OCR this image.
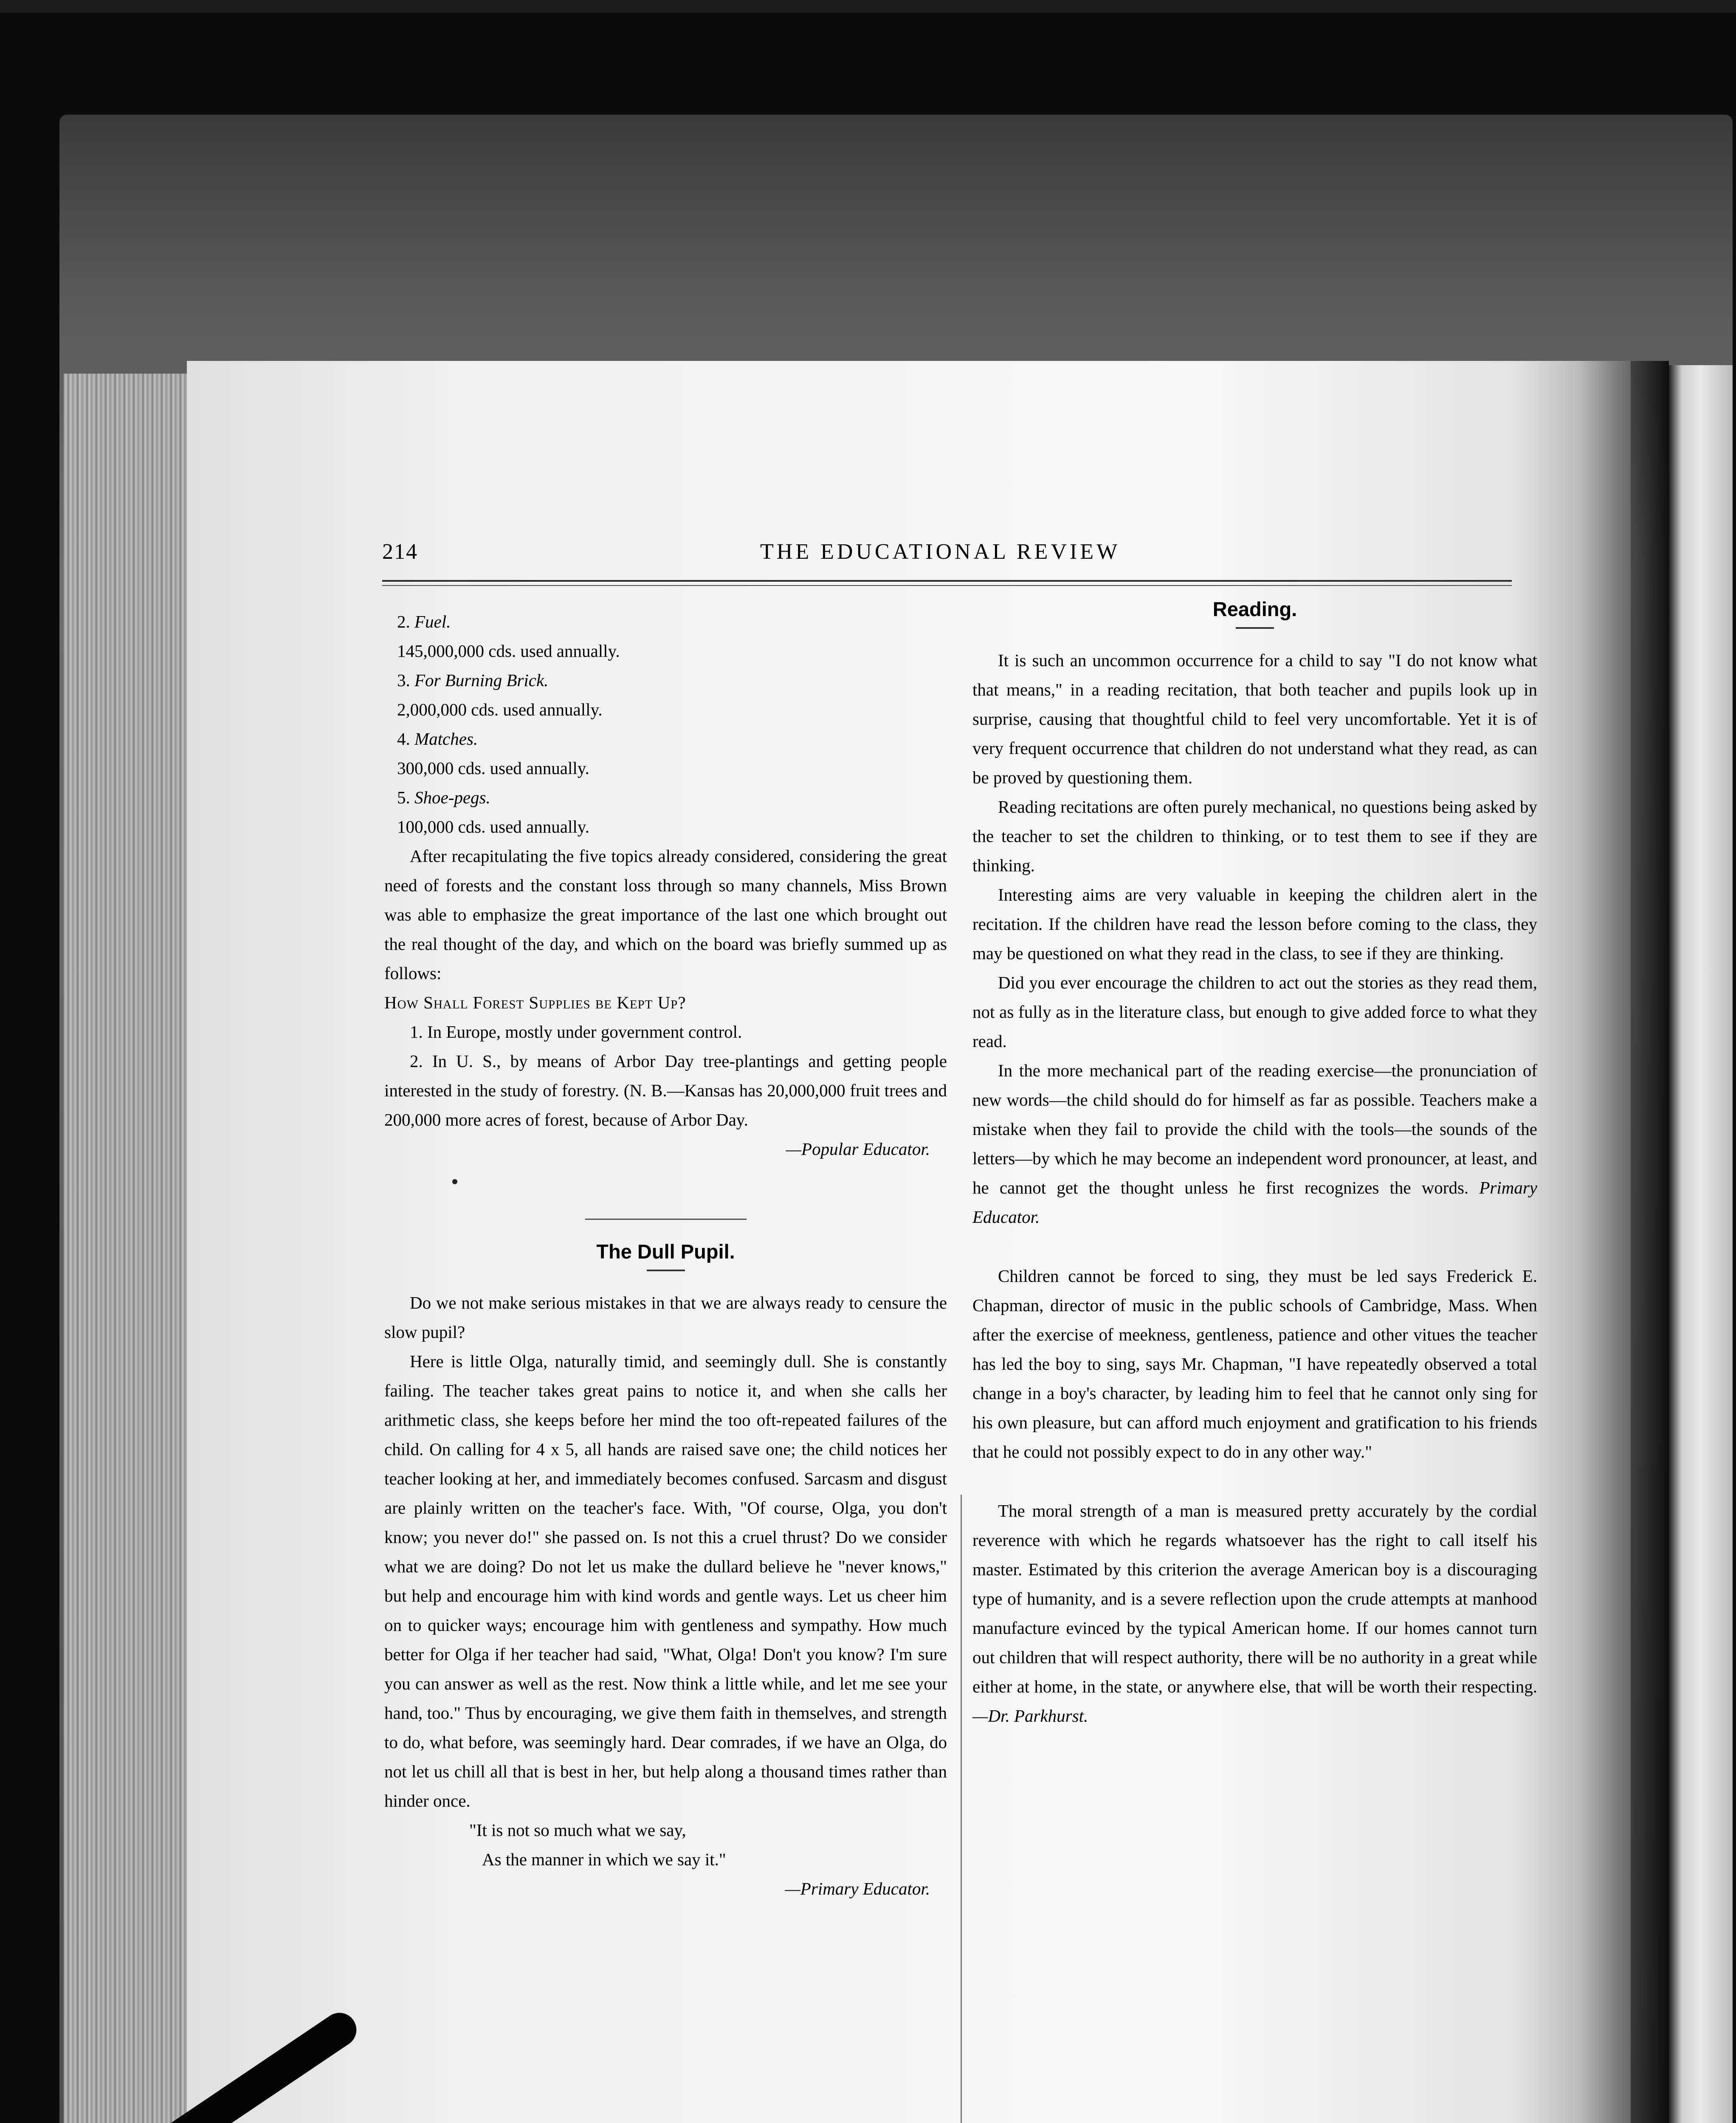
214	THE EDUCATIONAL REVIEW

2. Fuel.

145,000,000 cds. used annually.

3. For Burning Brick.

2,000,000 cds. used annually.

4. Matches.

300,000 cds. used annually.

5. Shoe-pegs.

100,000 cds. used annually.

After recapitulating the five topics already considered, considering the great need of forests and the constant loss through so many channels, Miss Brown was able to emphasize the great importance of the last one which brought out the real thought of the day, and which on the board was briefly summed up as follows:

How Shall Forest Supplies be Kept Up?

1. In Europe, mostly under government control.

2. In U. S., by means of Arbor Day tree-plantings and getting people interested in the study of forestry. (N. B.—Kansas has 20,000,000 fruit trees and 200,000 more acres of forest, because of Arbor Day.

—Popular Educator.

The Dull Pupil.

Do we not make serious mistakes in that we are always ready to censure the slow pupil?

Here is little Olga, naturally timid, and seemingly dull. She is constantly failing. The teacher takes great pains to notice it, and when she calls her arithmetic class, she keeps before her mind the too oft-repeated failures of the child. On calling for 4 x 5, all hands are raised save one; the child notices her teacher looking at her, and immediately becomes confused. Sarcasm and disgust are plainly written on the teacher's face. With, "Of course, Olga, you don't know; you never do!" she passed on. Is not this a cruel thrust? Do we consider what we are doing? Do not let us make the dullard believe he "never knows," but help and encourage him with kind words and gentle ways. Let us cheer him on to quicker ways; encourage him with gentleness and sympathy. How much better for Olga if her teacher had said, "What, Olga! Don't you know? I'm sure you can answer as well as the rest. Now think a little while, and let me see your hand, too." Thus by encouraging, we give them faith in themselves, and strength to do, what before, was seemingly hard. Dear comrades, if we have an Olga, do not let us chill all that is best in her, but help along a thousand times rather than hinder once.

"It is not so much what we say,

As the manner in which we say it."

—Primary Educator.

Reading.

It is such an uncommon occurrence for a child to say "I do not know what that means," in a reading recitation, that both teacher and pupils look up in surprise, causing that thoughtful child to feel very uncomfortable. Yet it is of very frequent occurrence that children do not understand what they read, as can be proved by questioning them.

Reading recitations are often purely mechanical, no questions being asked by the teacher to set the children to thinking, or to test them to see if they are thinking.

Interesting aims are very valuable in keeping the children alert in the recitation. If the children have read the lesson before coming to the class, they may be questioned on what they read in the class, to see if they are thinking.

Did you ever encourage the children to act out the stories as they read them, not as fully as in the literature class, but enough to give added force to what they read.

In the more mechanical part of the reading exercise—the pronunciation of new words—the child should do for himself as far as possible. Teachers make a mistake when they fail to provide the child with the tools—the sounds of the letters—by which he may become an independent word pronouncer, at least, and he cannot get the thought unless he first recognizes the words. Primary Educator.

Children cannot be forced to sing, they must be led says Frederick E. Chapman, director of music in the public schools of Cambridge, Mass. When after the exercise of meekness, gentleness, patience and other vitues the teacher has led the boy to sing, says Mr. Chapman, "I have repeatedly observed a total change in a boy's character, by leading him to feel that he cannot only sing for his own pleasure, but can afford much enjoyment and gratification to his friends that he could not possibly expect to do in any other way."

The moral strength of a man is measured pretty accurately by the cordial reverence with which he regards whatsoever has the right to call itself his master. Estimated by this criterion the average American boy is a discouraging type of humanity, and is a severe reflection upon the crude attempts at manhood manufacture evinced by the typical American home. If our homes cannot turn out children that will respect authority, there will be no authority in a great while either at home, in the state, or anywhere else, that will be worth their respecting.—Dr. Parkhurst.
